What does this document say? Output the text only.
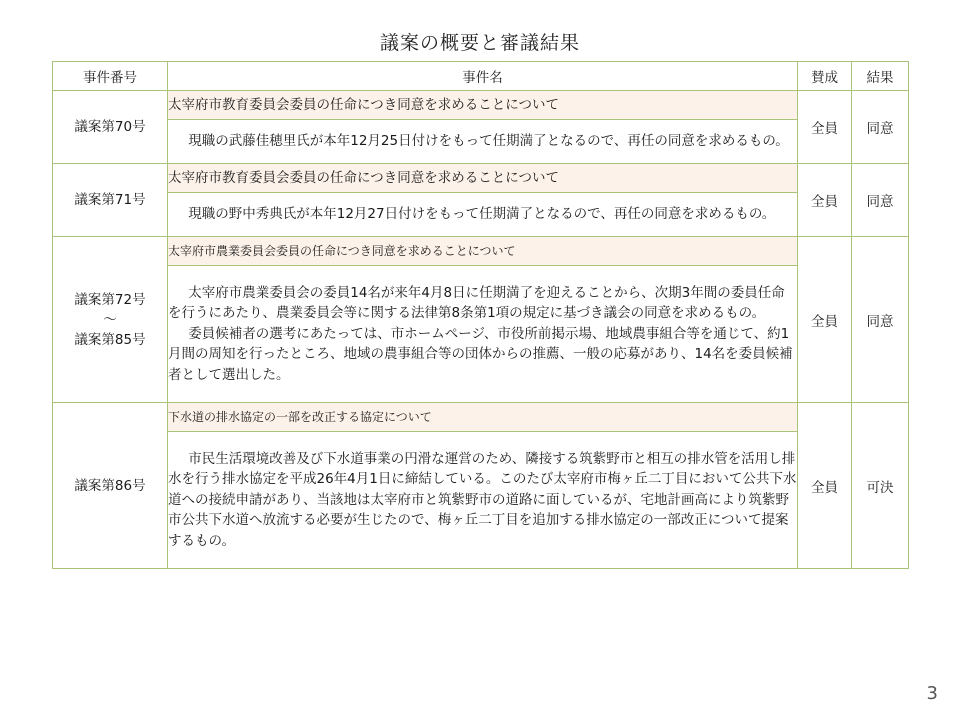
議案の概要と審議結果
事件番号	事件名	賛成	結果
議案第70号	太宰府市教育委員会委員の任命につき同意を求めることについて	全員	同意

	現職の武藤佳穂里氏が本年12月25日付けをもって任期満了となるので、再任の同意を求めるもの。		

議案第71号	太宰府市教育委員会委員の任命につき同意を求めることについて	全員	同意

	現職の野中秀典氏が本年12月27日付けをもって任期満了となるので、再任の同意を求めるもの。		

議案第72号
～
議案第85号	太宰府市農業委員会委員の任命につき同意を求めることについて	全員	同意

	太宰府市農業委員会の委員14名が来年4月8日に任期満了を迎えることから、次期3年間の委員任命を行うにあたり、農業委員会等に関する法律第8条第1項の規定に基づき議会の同意を求めるもの。
委員候補者の選考にあたっては、市ホームページ、市役所前掲示場、地域農事組合等を通じて、約1月間の周知を行ったところ、地域の農事組合等の団体からの推薦、一般の応募があり、14名を委員候補者として選出した。		

議案第86号	下水道の排水協定の一部を改正する協定について	全員	可決

	市民生活環境改善及び下水道事業の円滑な運営のため、隣接する筑紫野市と相互の排水管を活用し排水を行う排水協定を平成26年4月1日に締結している。このたび太宰府市梅ヶ丘二丁目において公共下水道への接続申請があり、当該地は太宰府市と筑紫野市の道路に面しているが、宅地計画高により筑紫野市公共下水道へ放流する必要が生じたので、梅ヶ丘二丁目を追加する排水協定の一部改正について提案するもの。		
3
